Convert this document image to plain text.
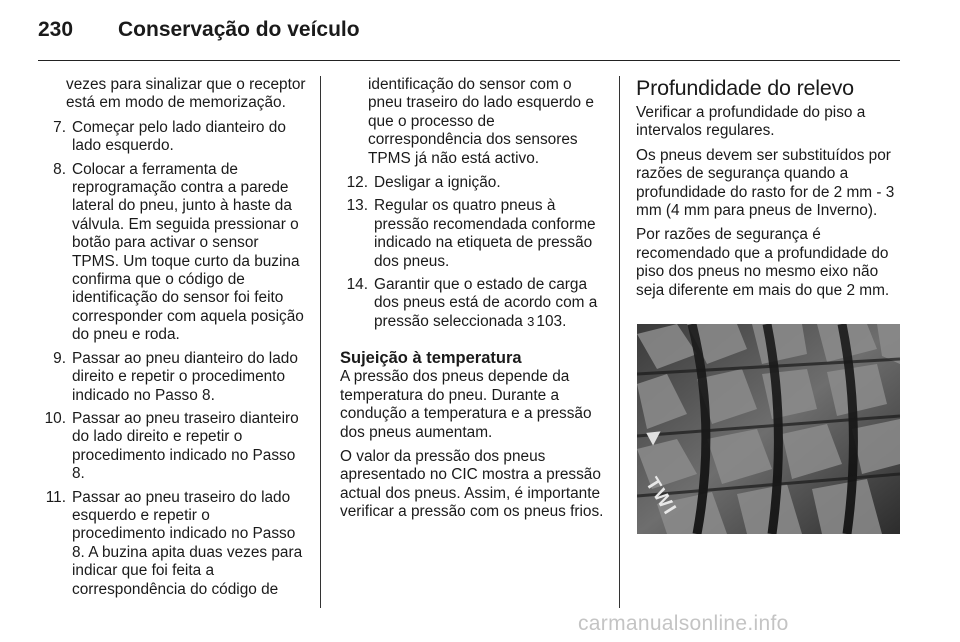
230 Conservação do veículo

vezes para sinalizar que o receptor está em modo de memorização.

7. Começar pelo lado dianteiro do lado esquerdo.
8. Colocar a ferramenta de reprogramação contra a parede lateral do pneu, junto à haste da válvula. Em seguida pressionar o botão para activar o sensor TPMS. Um toque curto da buzina confirma que o código de identificação do sensor foi feito corresponder com aquela posição do pneu e roda.
9. Passar ao pneu dianteiro do lado direito e repetir o procedimento indicado no Passo 8.
10. Passar ao pneu traseiro dianteiro do lado direito e repetir o procedimento indicado no Passo 8.
11. Passar ao pneu traseiro do lado esquerdo e repetir o procedimento indicado no Passo 8. A buzina apita duas vezes para indicar que foi feita a correspondência do código de

identificação do sensor com o pneu traseiro do lado esquerdo e que o processo de correspondência dos sensores TPMS já não está activo.

12. Desligar a ignição.
13. Regular os quatro pneus à pressão recomendada conforme indicado na etiqueta de pressão dos pneus.
14. Garantir que o estado de carga dos pneus está de acordo com a pressão seleccionada 3 103.
Sujeição à temperatura

A pressão dos pneus depende da temperatura do pneu. Durante a condução a temperatura e a pressão dos pneus aumentam.

O valor da pressão dos pneus apresentado no CIC mostra a pressão actual dos pneus. Assim, é importante verificar a pressão com os pneus frios.

Profundidade do relevo

Verificar a profundidade do piso a intervalos regulares.

Os pneus devem ser substituídos por razões de segurança quando a profundidade do rasto for de 2 mm - 3 mm (4 mm para pneus de Inverno).

Por razões de segurança é recomendado que a profundidade do piso dos pneus no mesmo eixo não seja diferente em mais do que 2 mm.

TWI
carmanualsonline.info
